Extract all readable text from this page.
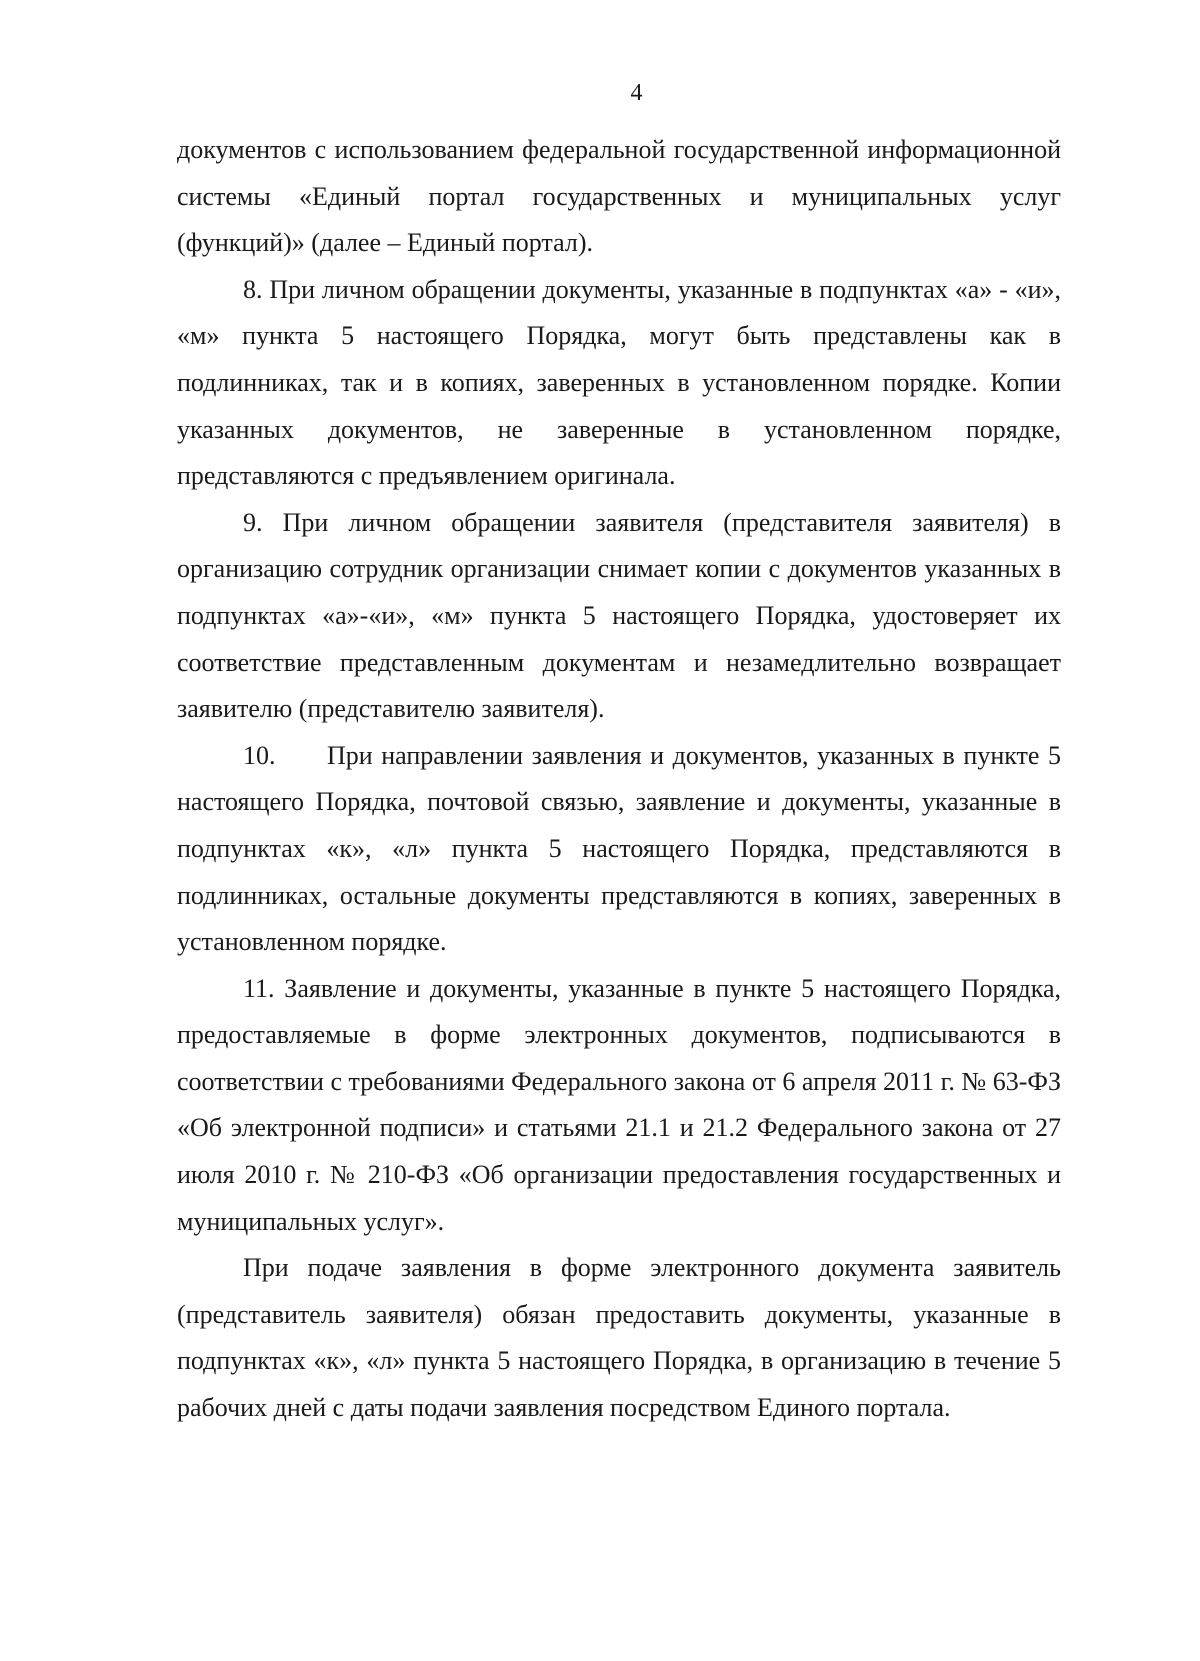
4

документов с использованием федеральной государственной информационной системы «Единый портал государственных и муниципальных услуг (функций)» (далее – Единый портал).

8. При личном обращении документы, указанные в подпунктах «а» - «и», «м» пункта 5 настоящего Порядка, могут быть представлены как в подлинниках, так и в копиях, заверенных в установленном порядке. Копии указанных документов, не заверенные в установленном порядке, представляются с предъявлением оригинала.

9. При личном обращении заявителя (представителя заявителя) в организацию сотрудник организации снимает копии с документов указанных в подпунктах «а»-«и», «м» пункта 5 настоящего Порядка, удостоверяет их соответствие представленным документам и незамедлительно возвращает заявителю (представителю заявителя).

10. При направлении заявления и документов, указанных в пункте 5 настоящего Порядка, почтовой связью, заявление и документы, указанные в подпунктах «к», «л» пункта 5 настоящего Порядка, представляются в подлинниках, остальные документы представляются в копиях, заверенных в установленном порядке.

11. Заявление и документы, указанные в пункте 5 настоящего Порядка, предоставляемые в форме электронных документов, подписываются в соответствии с требованиями Федерального закона от 6 апреля 2011 г. № 63-ФЗ «Об электронной подписи» и статьями 21.1 и 21.2 Федерального закона от 27 июля 2010 г. № 210-ФЗ «Об организации предоставления государственных и муниципальных услуг».

При подаче заявления в форме электронного документа заявитель (представитель заявителя) обязан предоставить документы, указанные в подпунктах «к», «л» пункта 5 настоящего Порядка, в организацию в течение 5 рабочих дней с даты подачи заявления посредством Единого портала.
